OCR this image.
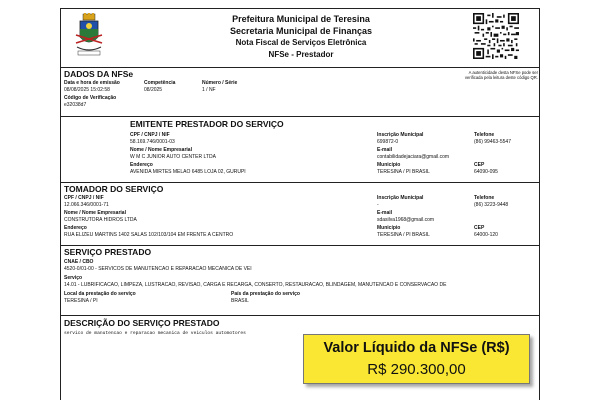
Prefeitura Municipal de Teresina
Secretaria Municipal de Finanças
Nota Fiscal de Serviços Eletrônica
NFSe - Prestador
DADOS DA NFSe	A autenticidade desta NFSe pode ser verificada pela leitura deste código QR.
Data e hora de emissão
08/08/2025 15:02:58
Competência
08/2025
Número / Série
1 / NF
Código de Verificação
e32038d7
EMITENTE PRESTADOR DO SERVIÇO
CPF / CNPJ / NIF
58.169.746/0001-03
Inscrição Municipal
699872-0
Telefone
(86) 99463-5547
Nome / Nome Empresarial
W M C JUNIOR AUTO CENTER LTDA
E-mail
contabilidadejaciara@gmail.com
Endereço
AVENIDA MIRTES MELAO 6485 LOJA 02, GURUPI
Município
TERESINA / PI BRASIL
CEP
64090-095
TOMADOR DO SERVIÇO
CPF / CNPJ / NIF
12.066.346/0001-71
Inscrição Municipal
-
Telefone
(86) 3223-9448
Nome / Nome Empresarial
CONSTRUTORA HIDROS LTDA
E-mail
sdasilva1968@gmail.com
Endereço
RUA ELIZEU MARTINS 1402 SALAS 102/103/104 EM FRENTE A CENTRO
Município
TERESINA / PI BRASIL
CEP
64000-120
SERVIÇO PRESTADO
CNAE / CBO
4520-0/01-00 - SERVICOS DE MANUTENCAO E REPARACAO MECANICA DE VEI
Serviço
14.01 - LUBRIFICACAO, LIMPEZA, LUSTRACAO, REVISAO, CARGA E RECARGA, CONSERTO, RESTAURACAO, BLINDAGEM, MANUTENCAO E CONSERVACAO DE
Local da prestação do serviço
TERESINA / PI
País da prestação do serviço
BRASIL
DESCRIÇÃO DO SERVIÇO PRESTADO
servico de manutencao e reparacao mecanica de veiculos automotores
Valor Líquido da NFSe (R$)
R$ 290.300,00
